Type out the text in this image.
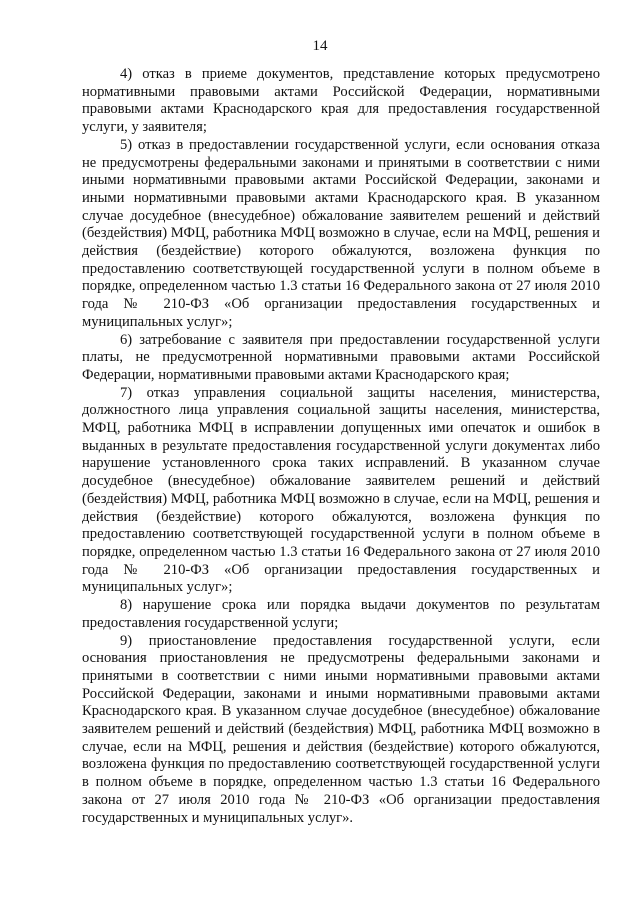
14

4) отказ в приеме документов, представление которых предусмотрено нормативными правовыми актами Российской Федерации, нормативными правовыми актами Краснодарского края для предоставления государственной услуги, у заявителя;

5) отказ в предоставлении государственной услуги, если основания отказа не предусмотрены федеральными законами и принятыми в соответствии с ними иными нормативными правовыми актами Российской Федерации, законами и иными нормативными правовыми актами Краснодарского края. В указанном случае досудебное (внесудебное) обжалование заявителем решений и действий (бездействия) МФЦ, работника МФЦ возможно в случае, если на МФЦ, решения и действия (бездействие) которого обжалуются, возложена функция по предоставлению соответствующей государственной услуги в полном объеме в порядке, определенном частью 1.3 статьи 16 Федерального закона от 27 июля 2010 года № 210-ФЗ «Об организации предоставления государственных и муниципальных услуг»;

6) затребование с заявителя при предоставлении государственной услуги платы, не предусмотренной нормативными правовыми актами Российской Федерации, нормативными правовыми актами Краснодарского края;

7) отказ управления социальной защиты населения, министерства, должностного лица управления социальной защиты населения, министерства, МФЦ, работника МФЦ в исправлении допущенных ими опечаток и ошибок в выданных в результате предоставления государственной услуги документах либо нарушение установленного срока таких исправлений. В указанном случае досудебное (внесудебное) обжалование заявителем решений и действий (бездействия) МФЦ, работника МФЦ возможно в случае, если на МФЦ, решения и действия (бездействие) которого обжалуются, возложена функция по предоставлению соответствующей государственной услуги в полном объеме в порядке, определенном частью 1.3 статьи 16 Федерального закона от 27 июля 2010 года № 210-ФЗ «Об организации предоставления государственных и муниципальных услуг»;

8) нарушение срока или порядка выдачи документов по результатам предоставления государственной услуги;

9) приостановление предоставления государственной услуги, если основания приостановления не предусмотрены федеральными законами и принятыми в соответствии с ними иными нормативными правовыми актами Российской Федерации, законами и иными нормативными правовыми актами Краснодарского края. В указанном случае досудебное (внесудебное) обжалование заявителем решений и действий (бездействия) МФЦ, работника МФЦ возможно в случае, если на МФЦ, решения и действия (бездействие) которого обжалуются, возложена функция по предоставлению соответствующей государственной услуги в полном объеме в порядке, определенном частью 1.3 статьи 16 Федерального закона от 27 июля 2010 года № 210-ФЗ «Об организации предоставления государственных и муниципальных услуг».
